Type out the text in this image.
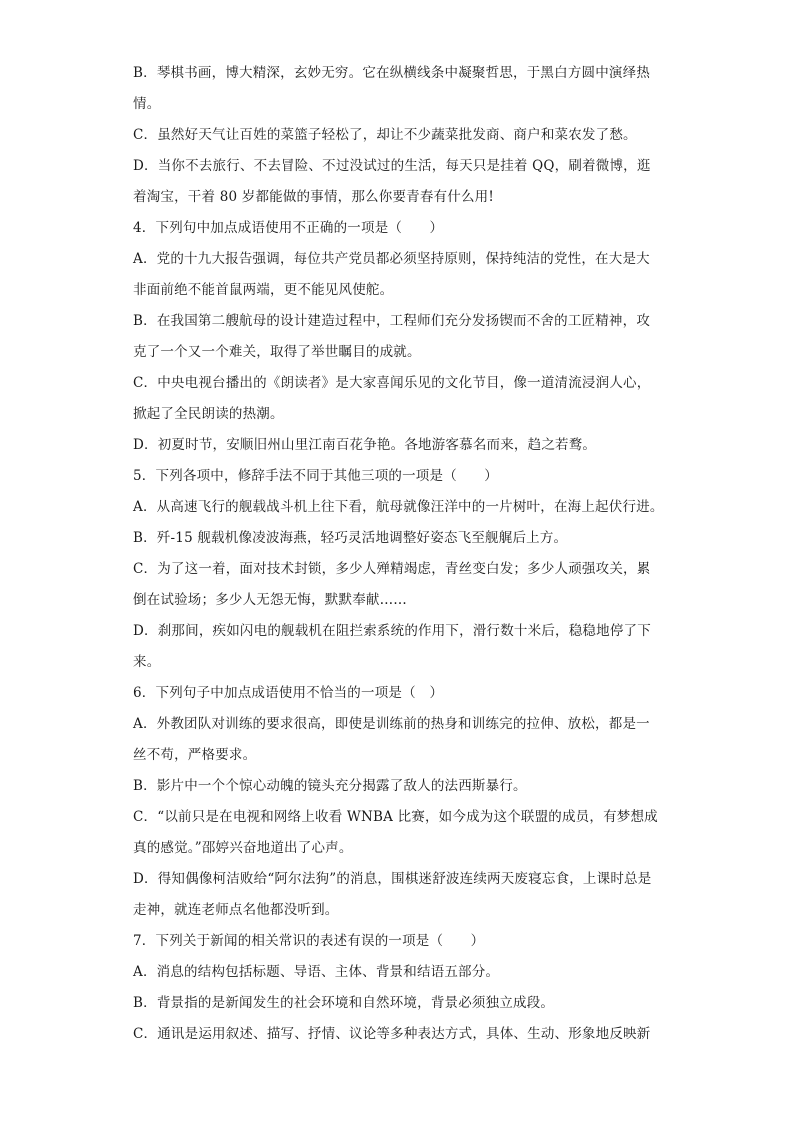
B．琴棋书画，博大精深，玄妙无穷。它在纵横线条中凝聚哲思，于黑白方圆中演绎热
情。
C．虽然好天气让百姓的菜篮子轻松了，却让不少蔬菜批发商、商户和菜农发了愁。
D．当你不去旅行、不去冒险、不过没试过的生活，每天只是挂着 QQ，刷着微博，逛
着淘宝，干着 80 岁都能做的事情，那么你要青春有什么用!
4．下列句中加点成语使用不正确的一项是（　　）
A．党的十九大报告强调，每位共产党员都必须坚持原则，保持纯洁的党性，在大是大
非面前绝不能首鼠两端，更不能见风使舵。
B．在我国第二艘航母的设计建造过程中，工程师们充分发扬锲而不舍的工匠精神，攻
克了一个又一个难关，取得了举世瞩目的成就。
C．中央电视台播出的《朗读者》是大家喜闻乐见的文化节目，像一道清流浸润人心，
掀起了全民朗读的热潮。
D．初夏时节，安顺旧州山里江南百花争艳。各地游客慕名而来，趋之若鹜。
5．下列各项中，修辞手法不同于其他三项的一项是（　　）
A．从高速飞行的舰载战斗机上往下看，航母就像汪洋中的一片树叶，在海上起伏行进。
B．歼-15 舰载机像凌波海燕，轻巧灵活地调整好姿态飞至舰艉后上方。
C．为了这一着，面对技术封锁，多少人殚精竭虑，青丝变白发；多少人顽强攻关，累
倒在试验场；多少人无怨无悔，默默奉献……
D．刹那间，疾如闪电的舰载机在阻拦索系统的作用下，滑行数十米后，稳稳地停了下
来。
6．下列句子中加点成语使用不恰当的一项是（　）
A．外教团队对训练的要求很高，即使是训练前的热身和训练完的拉伸、放松，都是一
丝不苟，严格要求。
B．影片中一个个惊心动魄的镜头充分揭露了敌人的法西斯暴行。
C．“以前只是在电视和网络上收看 WNBA 比赛，如今成为这个联盟的成员，有梦想成
真的感觉。”邵婷兴奋地道出了心声。
D．得知偶像柯洁败给“阿尔法狗”的消息，围棋迷舒波连续两天废寝忘食，上课时总是
走神，就连老师点名他都没听到。
7．下列关于新闻的相关常识的表述有误的一项是（　　）
A．消息的结构包括标题、导语、主体、背景和结语五部分。
B．背景指的是新闻发生的社会环境和自然环境，背景必须独立成段。
C．通讯是运用叙述、描写、抒情、议论等多种表达方式，具体、生动、形象地反映新
